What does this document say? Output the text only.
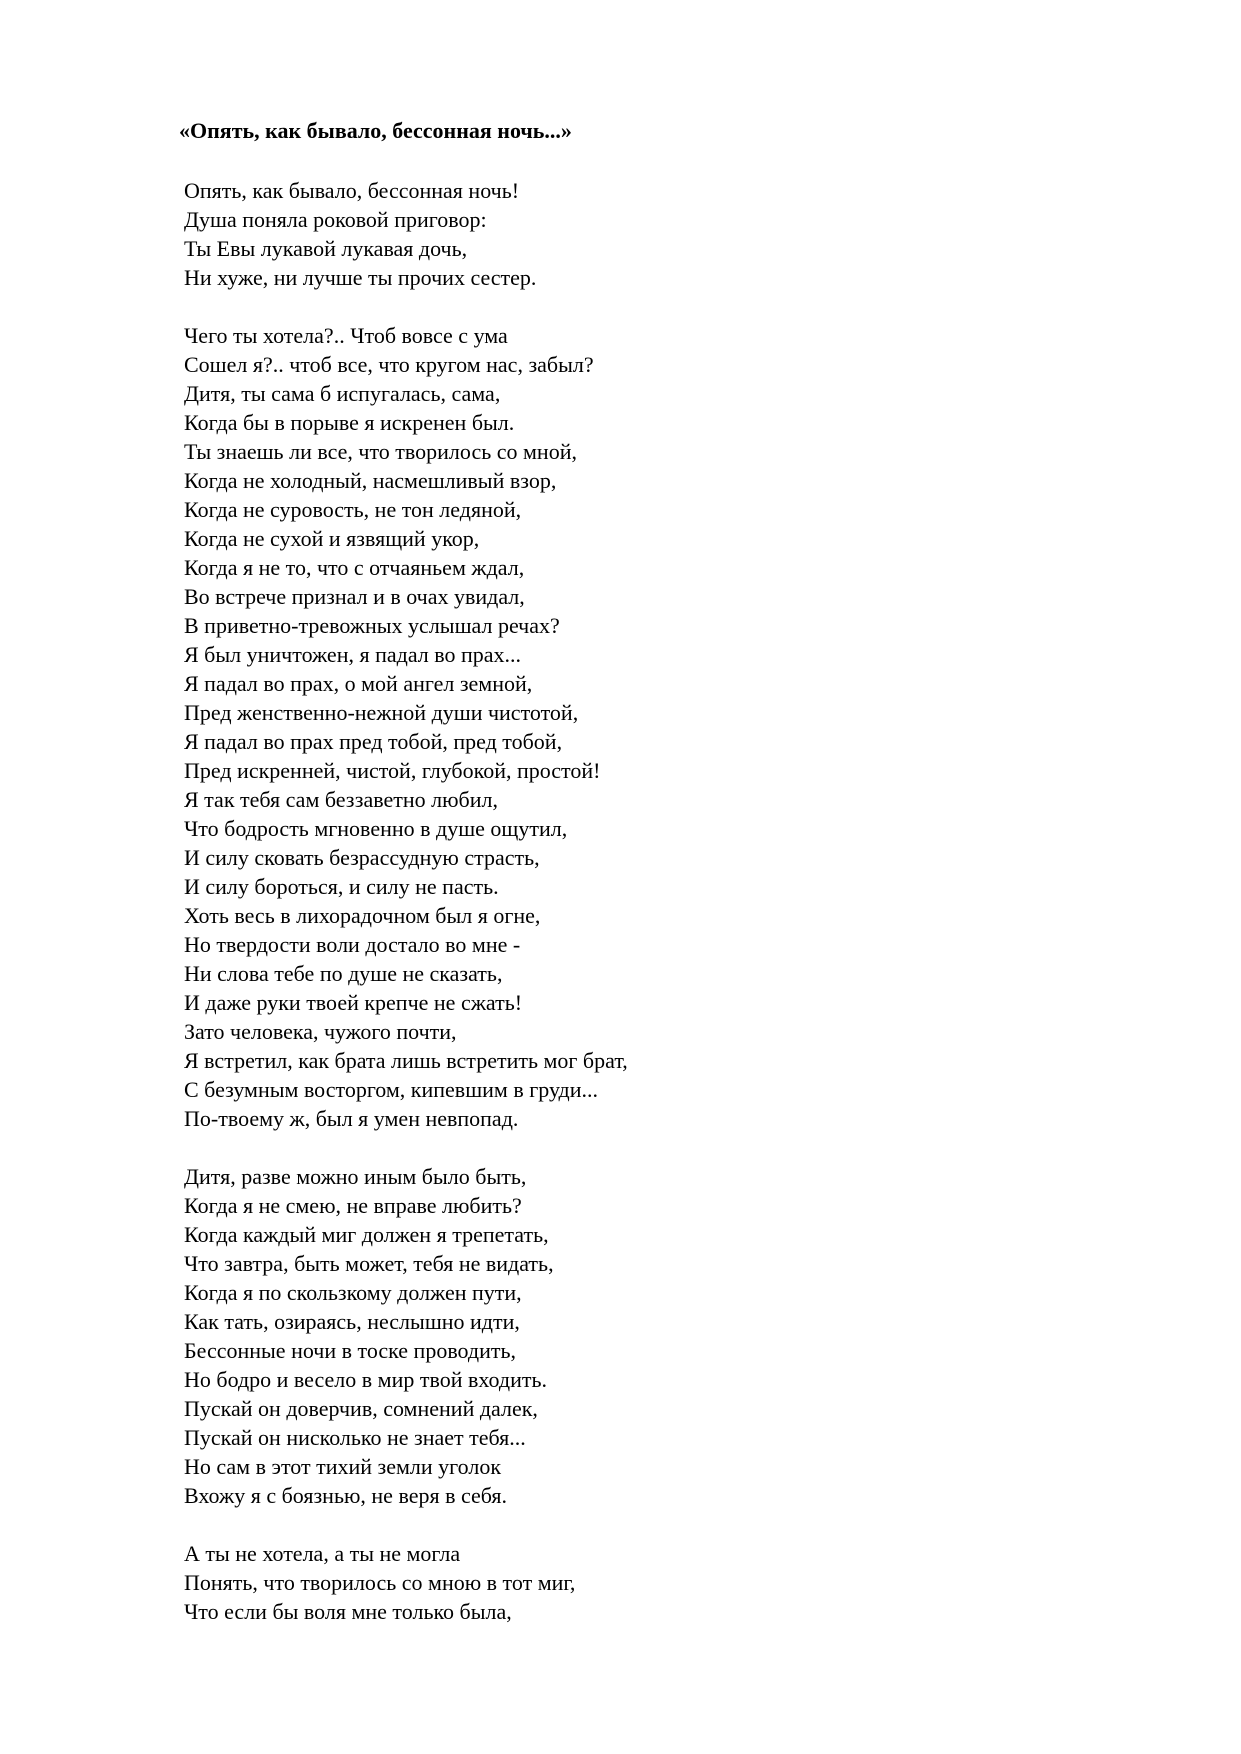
«Опять, как бывало, бессонная ночь...»
Опять, как бывало, бессонная ночь!
Душа поняла роковой приговор:
Ты Евы лукавой лукавая дочь,
Ни хуже, ни лучше ты прочих сестер.
Чего ты хотела?.. Чтоб вовсе с ума
Сошел я?.. чтоб все, что кругом нас, забыл?
Дитя, ты сама б испугалась, сама,
Когда бы в порыве я искренен был.
Ты знаешь ли все, что творилось со мной,
Когда не холодный, насмешливый взор,
Когда не суровость, не тон ледяной,
Когда не сухой и язвящий укор,
Когда я не то, что с отчаяньем ждал,
Во встрече признал и в очах увидал,
В приветно-тревожных услышал речах?
Я был уничтожен, я падал во прах...
Я падал во прах, о мой ангел земной,
Пред женственно-нежной души чистотой,
Я падал во прах пред тобой, пред тобой,
Пред искренней, чистой, глубокой, простой!
Я так тебя сам беззаветно любил,
Что бодрость мгновенно в душе ощутил,
И силу сковать безрассудную страсть,
И силу бороться, и силу не пасть.
Хоть весь в лихорадочном был я огне,
Но твердости воли достало во мне -
Ни слова тебе по душе не сказать,
И даже руки твоей крепче не сжать!
Зато человека, чужого почти,
Я встретил, как брата лишь встретить мог брат,
С безумным восторгом, кипевшим в груди...
По-твоему ж, был я умен невпопад.
Дитя, разве можно иным было быть,
Когда я не смею, не вправе любить?
Когда каждый миг должен я трепетать,
Что завтра, быть может, тебя не видать,
Когда я по скользкому должен пути,
Как тать, озираясь, неслышно идти,
Бессонные ночи в тоске проводить,
Но бодро и весело в мир твой входить.
Пускай он доверчив, сомнений далек,
Пускай он нисколько не знает тебя...
Но сам в этот тихий земли уголок
Вхожу я с боязнью, не веря в себя.
А ты не хотела, а ты не могла
Понять, что творилось со мною в тот миг,
Что если бы воля мне только была,
